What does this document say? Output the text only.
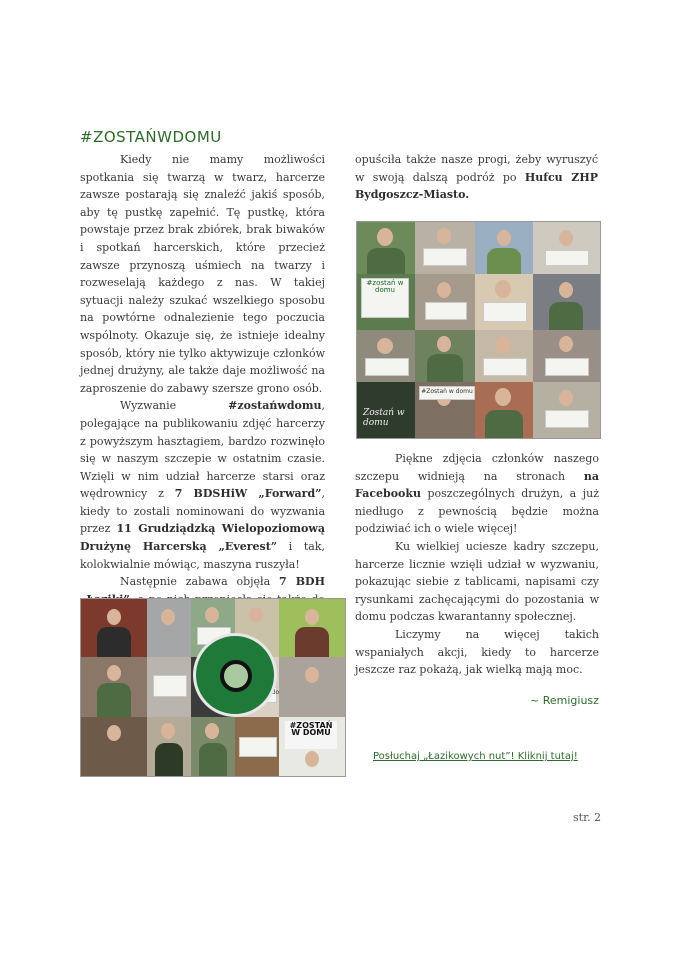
#ZOSTAŃWDOMU

Kiedy nie mamy możliwości spotkania się twarzą w twarz, harcerze zawsze postarają się znaleźć jakiś sposób, aby tę pustkę zapełnić. Tę pustkę, która powstaje przez brak zbiórek, brak biwaków i spotkań harcerskich, które przecież zawsze przynoszą uśmiech na twarzy i rozweselają każdego z nas. W takiej sytuacji należy szukać wszelkiego sposobu na powtórne odnalezienie tego poczucia wspólnoty. Okazuje się, że istnieje idealny sposób, który nie tylko aktywizuje członków jednej drużyny, ale także daje możliwość na zaproszenie do zabawy szersze grono osób.

Wyzwanie #zostańwdomu, polegające na publikowaniu zdjęć harcerzy z powyższym hasztagiem, bardzo rozwinęło się w naszym szczepie w ostatnim czasie. Wzięli w nim udział harcerze starsi oraz wędrownicy z 7 BDSHiW „Forward”, kiedy to zostali nominowani do wyzwania przez 11 Grudziądzką Wielopoziomową Drużynę Harcerską „Everest” i tak, kolokwialnie mówiąc, maszyna ruszyła!

Następnie zabawa objęła 7 BDH

opuściła także nasze progi, żeby wyruszyć w swoją dalszą podróż po Hufcu ZHP Bydgoszcz-Miasto.

#zostań w domu
Zostań w domu
#Zostań w domu

Piękne zdjęcia członków naszego szczepu widnieją na stronach na Facebooku poszczególnych drużyn, a już niedługo z pewnością będzie można podziwiać ich o wiele więcej!

Ku wielkiej uciesze kadry szczepu, harcerze licznie wzięli udział w wyzwaniu, pokazując siebie z tablicami, napisami czy rysunkami zachęcającymi do pozostania w domu podczas kwarantanny społecznej.

Liczymy na więcej takich wspaniałych akcji, kiedy to harcerze jeszcze raz pokażą, jak wielką mają moc.

#ZOSTAŃ W DOMU
~ Remigiusz
Posłuchaj „Łazikowych nut”! Kliknij tutaj!
str. 2
